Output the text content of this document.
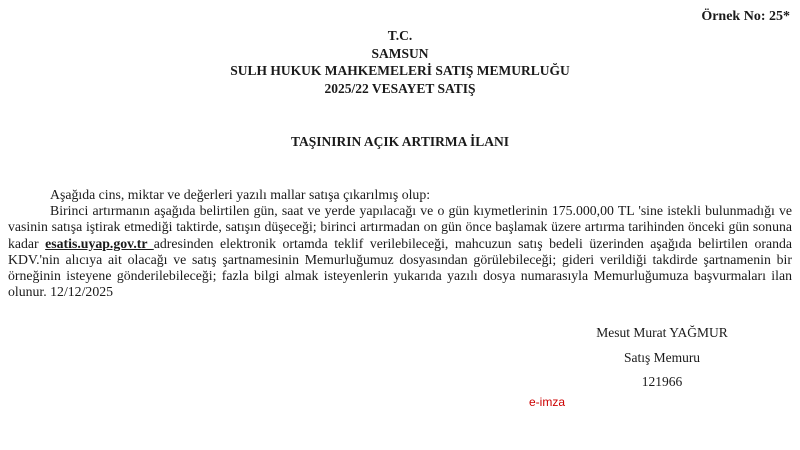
Örnek No: 25*
T.C.
SAMSUN
SULH HUKUK MAHKEMELERİ SATIŞ MEMURLUĞU
2025/22 VESAYET SATIŞ
TAŞINIRIN AÇIK ARTIRMA İLANI

Aşağıda cins, miktar ve değerleri yazılı mallar satışa çıkarılmış olup:

Birinci artırmanın aşağıda belirtilen gün, saat ve yerde yapılacağı ve o gün kıymetlerinin 175.000,00 TL 'sine istekli bulunmadığı ve vasinin satışa iştirak etmediği taktirde, satışın düşeceği; birinci artırmadan on gün önce başlamak üzere artırma tarihinden önceki gün sonuna kadar esatis.uyap.gov.tr adresinden elektronik ortamda teklif verilebileceği, mahcuzun satış bedeli üzerinden aşağıda belirtilen oranda KDV.'nin alıcıya ait olacağı ve satış şartnamesinin Memurluğumuz dosyasından görülebileceği; gideri verildiği takdirde şartnamenin bir örneğinin isteyene gönderilebileceği; fazla bilgi almak isteyenlerin yukarıda yazılı dosya numarasıyla Memurluğumuza başvurmaları ilan olunur. 12/12/2025

Mesut Murat YAĞMUR
Satış Memuru
121966
e-imza
